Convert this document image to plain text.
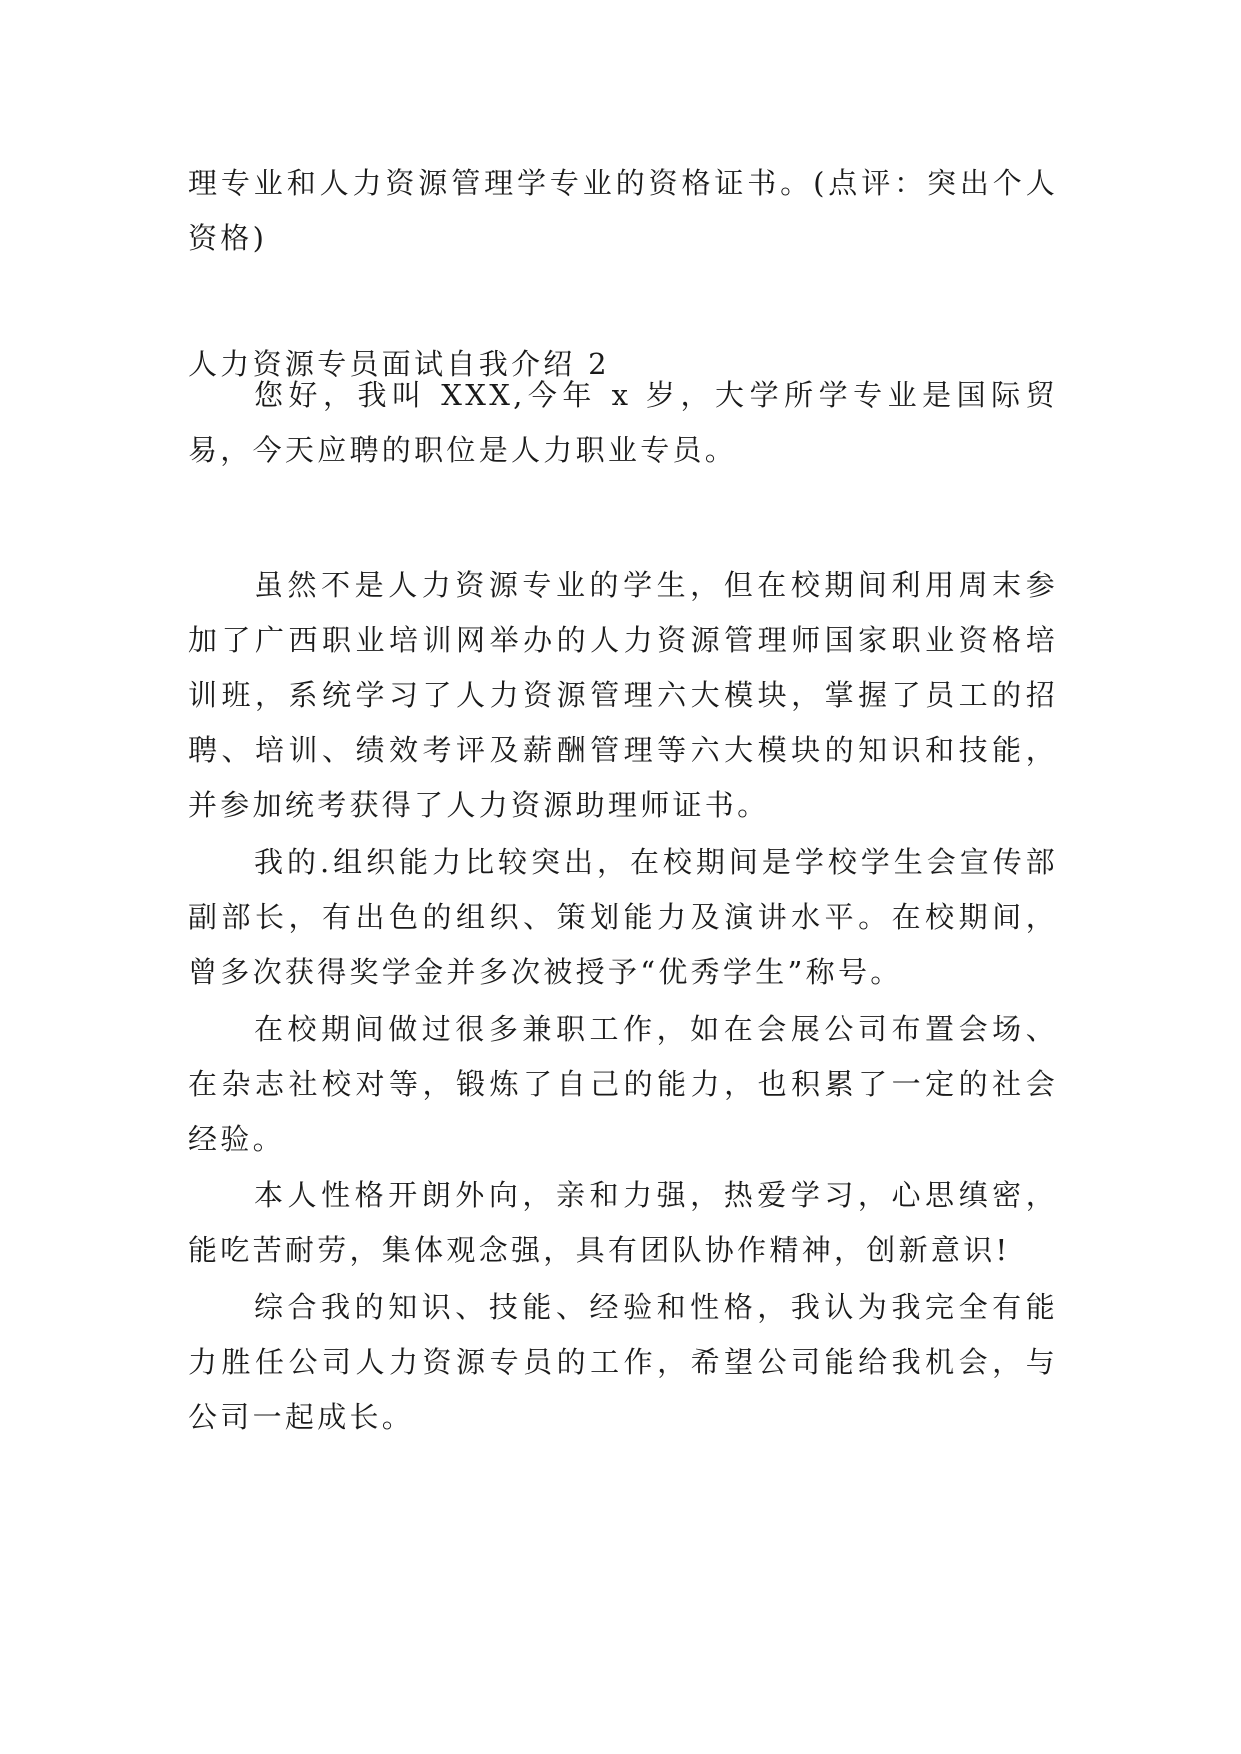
理专业和人力资源管理学专业的资格证书。(点评：突出个人资格)
人力资源专员面试自我介绍 2
您好，我叫 XXX,今年 x 岁，大学所学专业是国际贸易，今天应聘的职位是人力职业专员。
虽然不是人力资源专业的学生，但在校期间利用周末参加了广西职业培训网举办的人力资源管理师国家职业资格培训班，系统学习了人力资源管理六大模块，掌握了员工的招聘、培训、绩效考评及薪酬管理等六大模块的知识和技能，并参加统考获得了人力资源助理师证书。
我的.组织能力比较突出，在校期间是学校学生会宣传部副部长，有出色的组织、策划能力及演讲水平。在校期间，曾多次获得奖学金并多次被授予“优秀学生”称号。
在校期间做过很多兼职工作，如在会展公司布置会场、在杂志社校对等，锻炼了自己的能力，也积累了一定的社会经验。
本人性格开朗外向，亲和力强，热爱学习，心思缜密，能吃苦耐劳，集体观念强，具有团队协作精神，创新意识!
综合我的知识、技能、经验和性格，我认为我完全有能力胜任公司人力资源专员的工作，希望公司能给我机会，与公司一起成长。
